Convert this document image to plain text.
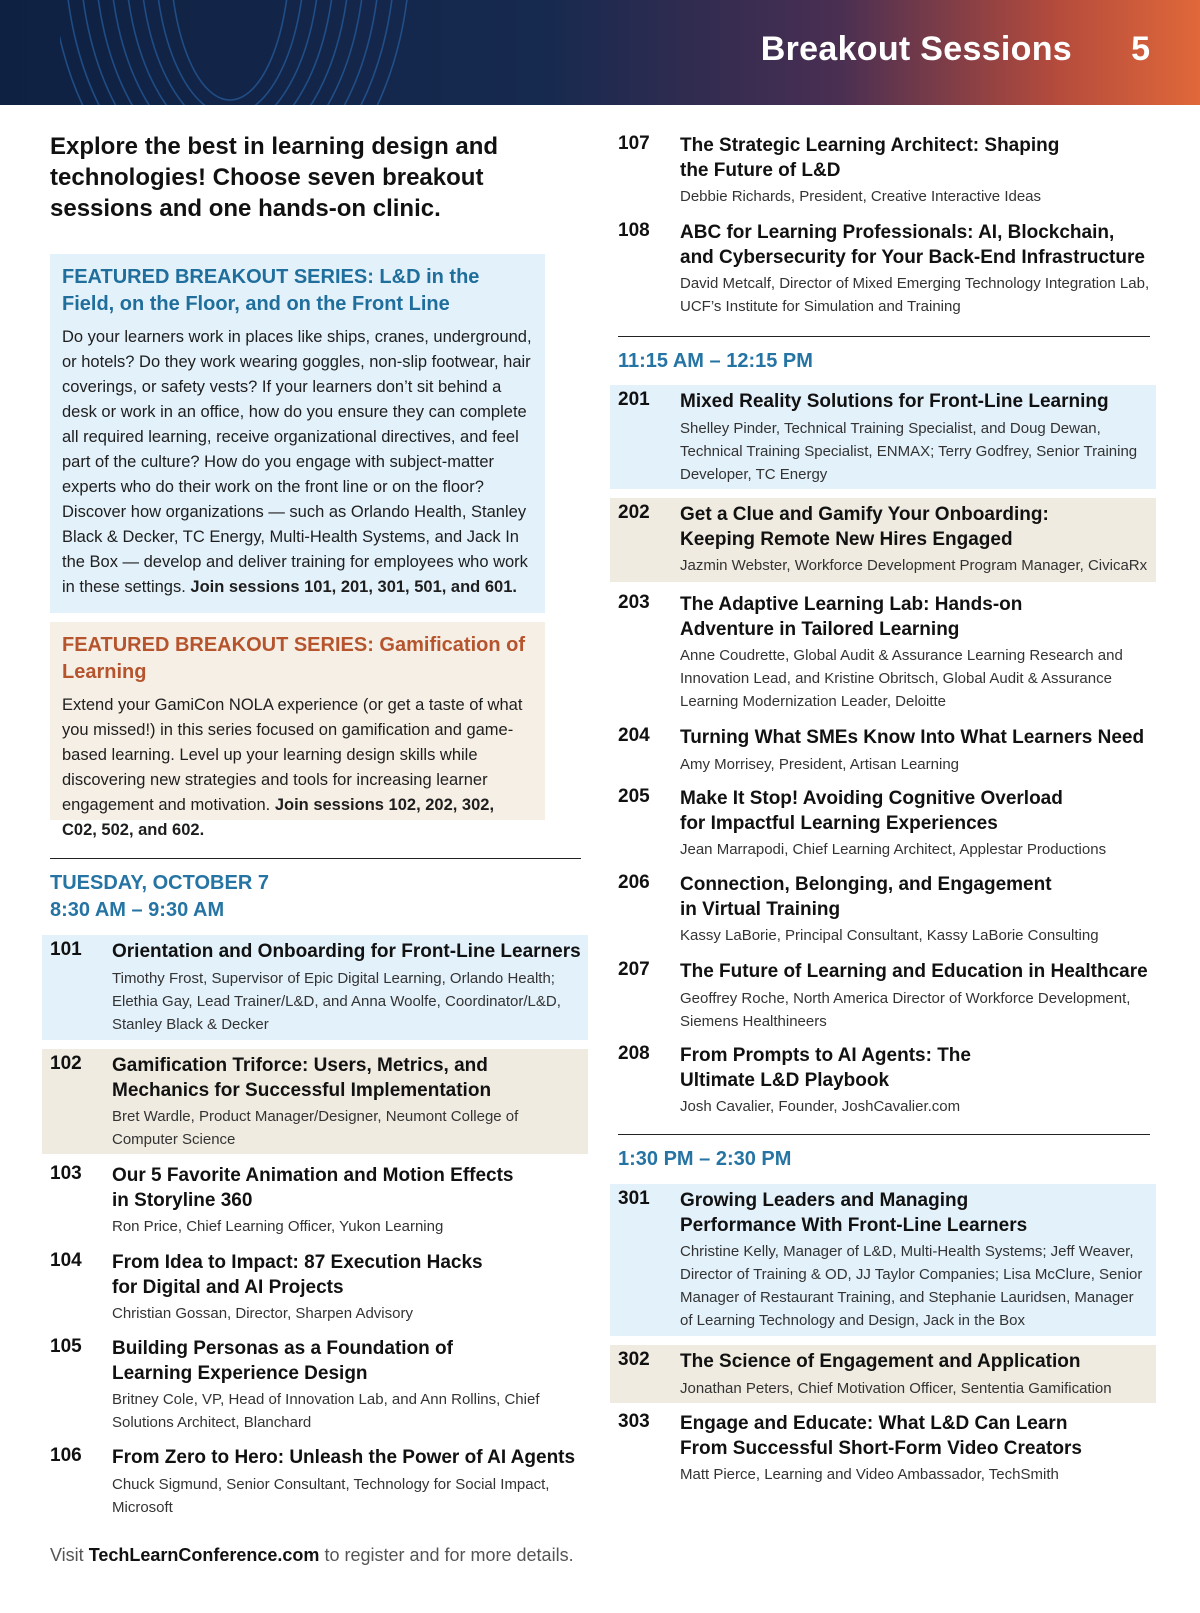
Breakout Sessions 5
Explore the best in learning design and technologies! Choose seven breakout sessions and one hands-on clinic.
FEATURED BREAKOUT SERIES: L&D in the Field, on the Floor, and on the Front Line
Do your learners work in places like ships, cranes, underground, or hotels? Do they work wearing goggles, non-slip footwear, hair coverings, or safety vests? If your learners don’t sit behind a desk or work in an office, how do you ensure they can complete all required learning, receive organizational directives, and feel part of the culture? How do you engage with subject-matter experts who do their work on the front line or on the floor? Discover how organizations — such as Orlando Health, Stanley Black & Decker, TC Energy, Multi-Health Systems, and Jack In the Box — develop and deliver training for employees who work in these settings. Join sessions 101, 201, 301, 501, and 601.
FEATURED BREAKOUT SERIES: Gamification of Learning
Extend your GamiCon NOLA experience (or get a taste of what you missed!) in this series focused on gamification and game-based learning. Level up your learning design skills while discovering new strategies and tools for increasing learner engagement and motivation. Join sessions 102, 202, 302, C02, 502, and 602.
TUESDAY, OCTOBER 7
8:30 AM – 9:30 AM
101 Orientation and Onboarding for Front-Line Learners
Timothy Frost, Supervisor of Epic Digital Learning, Orlando Health; Elethia Gay, Lead Trainer/L&D, and Anna Woolfe, Coordinator/L&D, Stanley Black & Decker
102 Gamification Triforce: Users, Metrics, and Mechanics for Successful Implementation
Bret Wardle, Product Manager/Designer, Neumont College of Computer Science
103 Our 5 Favorite Animation and Motion Effects in Storyline 360
Ron Price, Chief Learning Officer, Yukon Learning
104 From Idea to Impact: 87 Execution Hacks for Digital and AI Projects
Christian Gossan, Director, Sharpen Advisory
105 Building Personas as a Foundation of Learning Experience Design
Britney Cole, VP, Head of Innovation Lab, and Ann Rollins, Chief Solutions Architect, Blanchard
106 From Zero to Hero: Unleash the Power of AI Agents
Chuck Sigmund, Senior Consultant, Technology for Social Impact, Microsoft
107 The Strategic Learning Architect: Shaping the Future of L&D
Debbie Richards, President, Creative Interactive Ideas
108 ABC for Learning Professionals: AI, Blockchain, and Cybersecurity for Your Back-End Infrastructure
David Metcalf, Director of Mixed Emerging Technology Integration Lab, UCF’s Institute for Simulation and Training
11:15 AM – 12:15 PM
201 Mixed Reality Solutions for Front-Line Learning
Shelley Pinder, Technical Training Specialist, and Doug Dewan, Technical Training Specialist, ENMAX; Terry Godfrey, Senior Training Developer, TC Energy
202 Get a Clue and Gamify Your Onboarding: Keeping Remote New Hires Engaged
Jazmin Webster, Workforce Development Program Manager, CivicaRx
203 The Adaptive Learning Lab: Hands-on Adventure in Tailored Learning
Anne Coudrette, Global Audit & Assurance Learning Research and Innovation Lead, and Kristine Obritsch, Global Audit & Assurance Learning Modernization Leader, Deloitte
204 Turning What SMEs Know Into What Learners Need
Amy Morrisey, President, Artisan Learning
205 Make It Stop! Avoiding Cognitive Overload for Impactful Learning Experiences
Jean Marrapodi, Chief Learning Architect, Applestar Productions
206 Connection, Belonging, and Engagement in Virtual Training
Kassy LaBorie, Principal Consultant, Kassy LaBorie Consulting
207 The Future of Learning and Education in Healthcare
Geoffrey Roche, North America Director of Workforce Development, Siemens Healthineers
208 From Prompts to AI Agents: The Ultimate L&D Playbook
Josh Cavalier, Founder, JoshCavalier.com
1:30 PM – 2:30 PM
301 Growing Leaders and Managing Performance With Front-Line Learners
Christine Kelly, Manager of L&D, Multi-Health Systems; Jeff Weaver, Director of Training & OD, JJ Taylor Companies; Lisa McClure, Senior Manager of Restaurant Training, and Stephanie Lauridsen, Manager of Learning Technology and Design, Jack in the Box
302 The Science of Engagement and Application
Jonathan Peters, Chief Motivation Officer, Sententia Gamification
303 Engage and Educate: What L&D Can Learn From Successful Short-Form Video Creators
Matt Pierce, Learning and Video Ambassador, TechSmith
Visit TechLearnConference.com to register and for more details.
